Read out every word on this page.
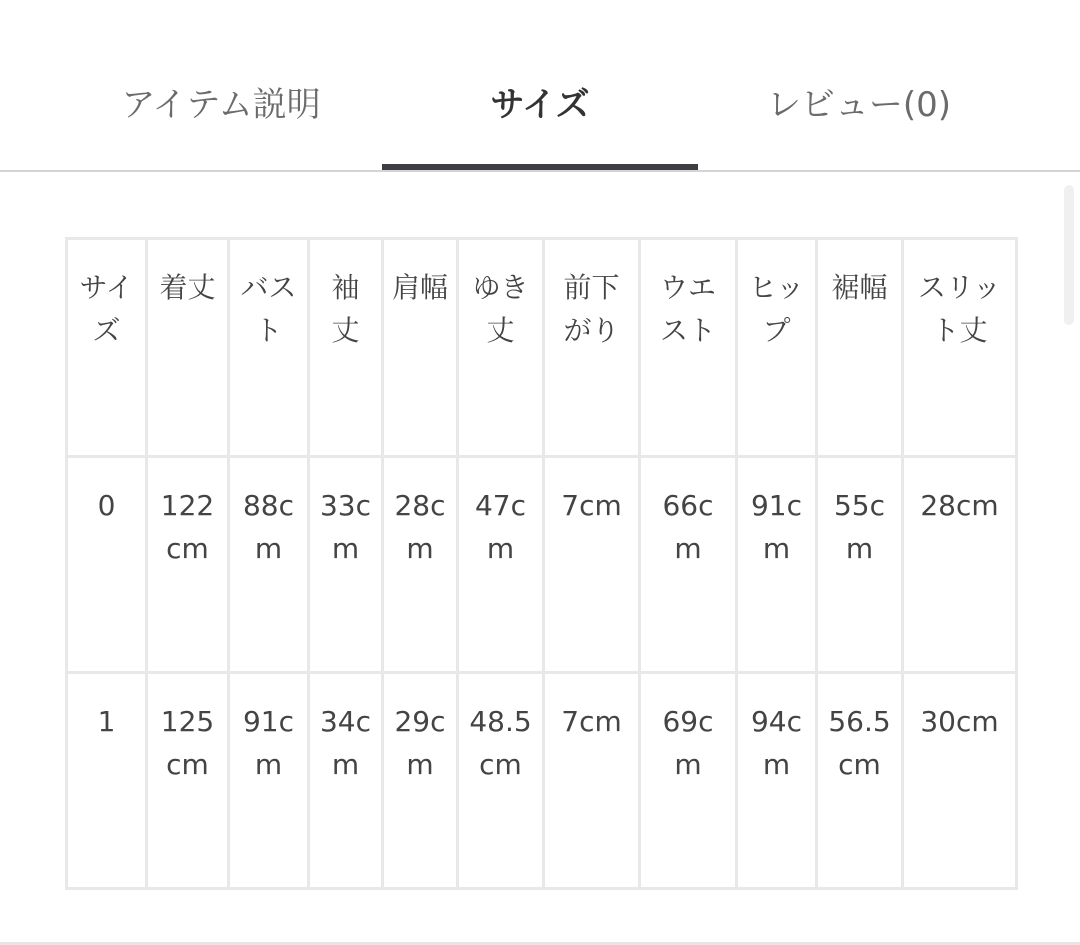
アイテム説明	サイズ	レビュー(0)
サイズ	着丈	バスト	袖丈	肩幅	ゆき丈	前下がり	ウエスト	ヒップ	裾幅	スリット丈
0	122cm	88cm	33cm	28cm	47cm	7cm	66cm	91cm	55cm	28cm
1	125cm	91cm	34cm	29cm	48.5cm	7cm	69cm	94cm	56.5cm	30cm
